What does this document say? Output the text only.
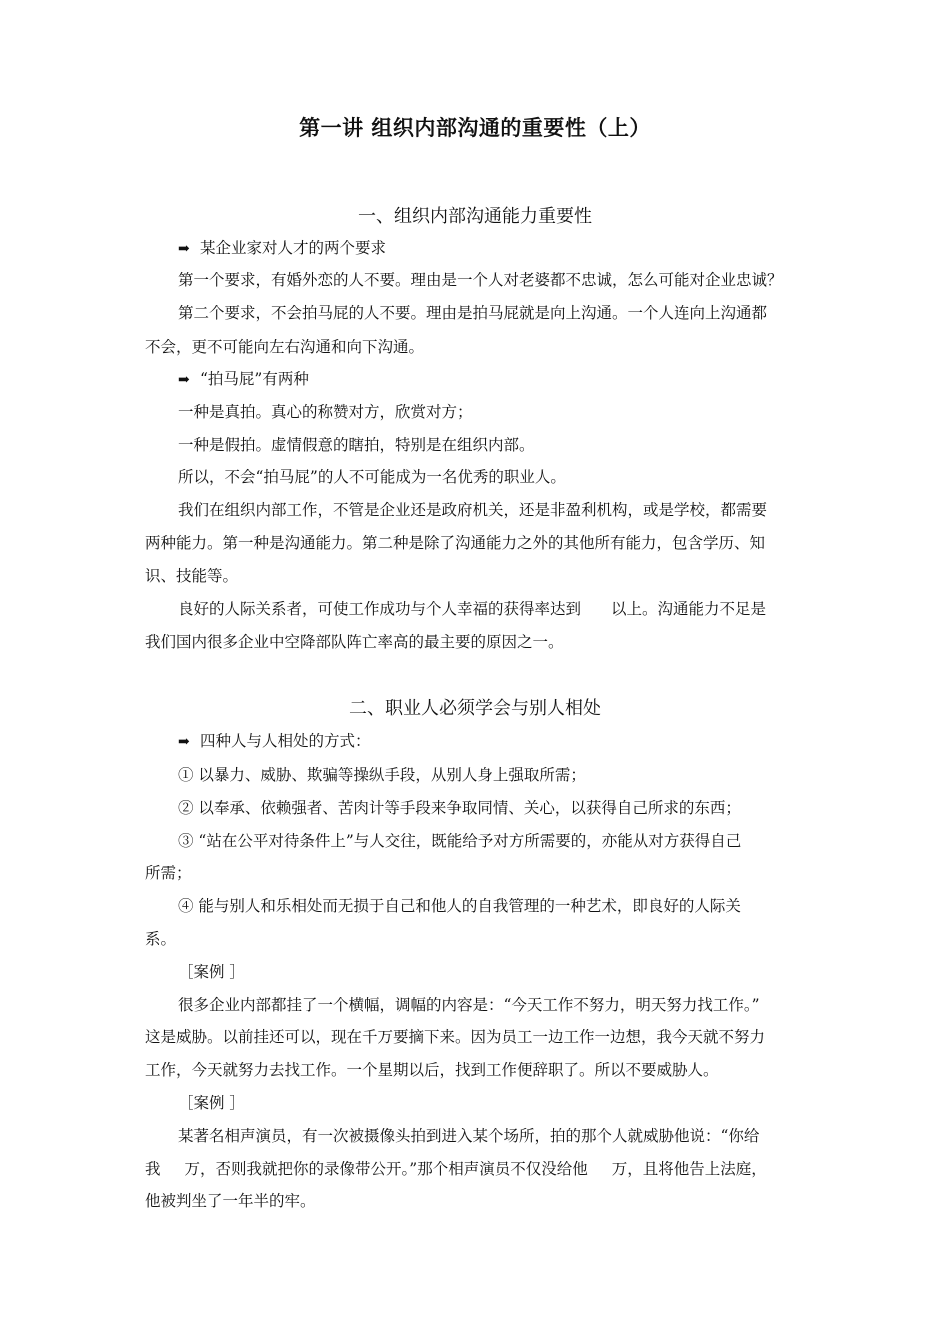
第一讲 组织内部沟通的重要性（上）
一、组织内部沟通能力重要性
➡ 某企业家对人才的两个要求
第一个要求，有婚外恋的人不要。理由是一个人对老婆都不忠诚，怎么可能对企业忠诚？
第二个要求，不会拍马屁的人不要。理由是拍马屁就是向上沟通。一个人连向上沟通都
不会，更不可能向左右沟通和向下沟通。
➡ “拍马屁”有两种
一种是真拍。真心的称赞对方，欣赏对方；
一种是假拍。虚情假意的瞎拍，特别是在组织内部。
所以，不会“拍马屁”的人不可能成为一名优秀的职业人。
我们在组织内部工作，不管是企业还是政府机关，还是非盈利机构，或是学校，都需要
两种能力。第一种是沟通能力。第二种是除了沟通能力之外的其他所有能力，包含学历、知
识、技能等。
良好的人际关系者，可使工作成功与个人幸福的获得率达到 以上。沟通能力不足是
我们国内很多企业中空降部队阵亡率高的最主要的原因之一。
二、职业人必须学会与别人相处
➡ 四种人与人相处的方式：
① 以暴力、威胁、欺骗等操纵手段，从别人身上强取所需；
② 以奉承、依赖强者、苦肉计等手段来争取同情、关心，以获得自己所求的东西；
③ “站在公平对待条件上”与人交往，既能给予对方所需要的，亦能从对方获得自己
所需；
④ 能与别人和乐相处而无损于自己和他人的自我管理的一种艺术，即良好的人际关
系。
［案例 ］
很多企业内部都挂了一个横幅，调幅的内容是：“今天工作不努力，明天努力找工作。”
这是威胁。以前挂还可以，现在千万要摘下来。因为员工一边工作一边想，我今天就不努力
工作，今天就努力去找工作。一个星期以后，找到工作便辞职了。所以不要威胁人。
［案例 ］
某著名相声演员，有一次被摄像头拍到进入某个场所，拍的那个人就威胁他说：“你给
我 万，否则我就把你的录像带公开。”那个相声演员不仅没给他 万，且将他告上法庭，
他被判坐了一年半的牢。
